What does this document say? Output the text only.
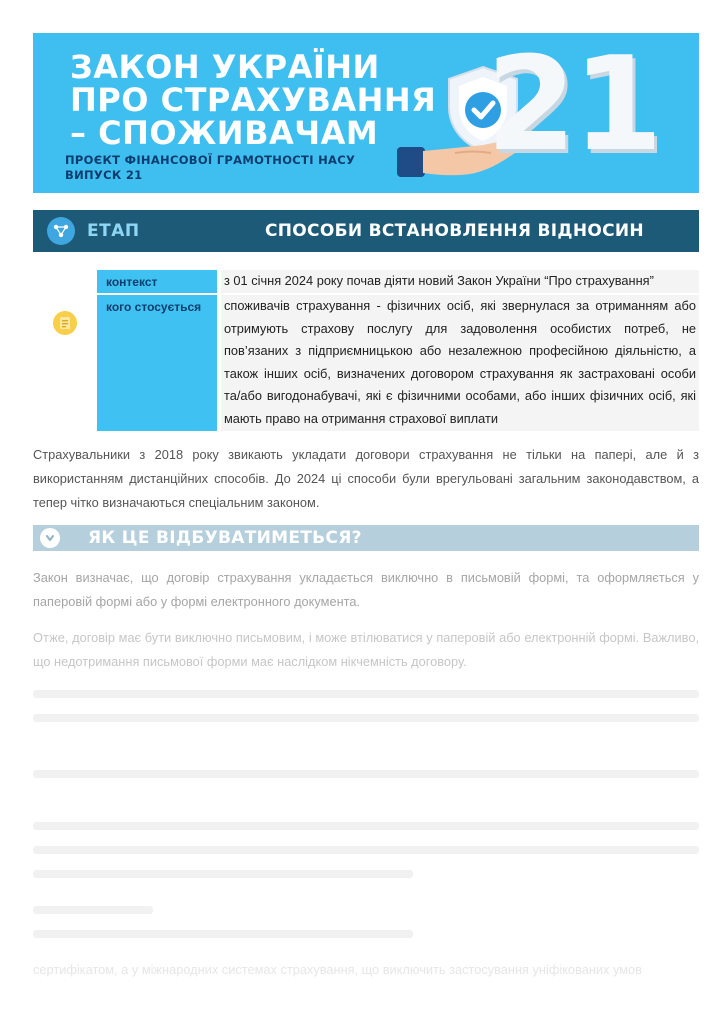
ЗАКОН УКРАЇНИ
ПРО СТРАХУВАННЯ
– СПОЖИВАЧАМ
ПРОЄКТ ФІНАНСОВОЇ ГРАМОТНОСТІ НАСУ
ВИПУСК 21	21
ЕТАП	СПОСОБИ ВСТАНОВЛЕННЯ ВІДНОСИН
контекст	з 01 січня 2024 року почав діяти новий Закон України “Про страхування”
кого стосується	споживачів страхування - фізичних осіб, які звернулася за отриманням або отримують страхову послугу для задоволення особистих потреб, не пов’язаних з підприємницькою або незалежною професійною діяльністю, а також інших осіб, визначених договором страхування як застраховані особи та/або вигодонабувачі, які є фізичними особами, або інших фізичних осіб, які мають право на отримання страхової виплати

Страхувальники з 2018 року звикають укладати договори страхування не тільки на папері, але й з використанням дистанційних способів. До 2024 ці способи були врегульовані загальним законодавством, а тепер чітко визначаються спеціальним законом.

ЯК ЦЕ ВІДБУВАТИМЕТЬСЯ?

Закон визначає, що договір страхування укладається виключно в письмовій формі, та оформляється у паперовій формі або у формі електронного документа.

Отже, договір має бути виключно письмовим, і може втілюватися у паперовій або електронній формі. Важливо, що недотримання письмової форми має наслідком нікчемність договору.

сертифікатом, а у міжнародних системах страхування, що виключить застосування уніфікованих умов
